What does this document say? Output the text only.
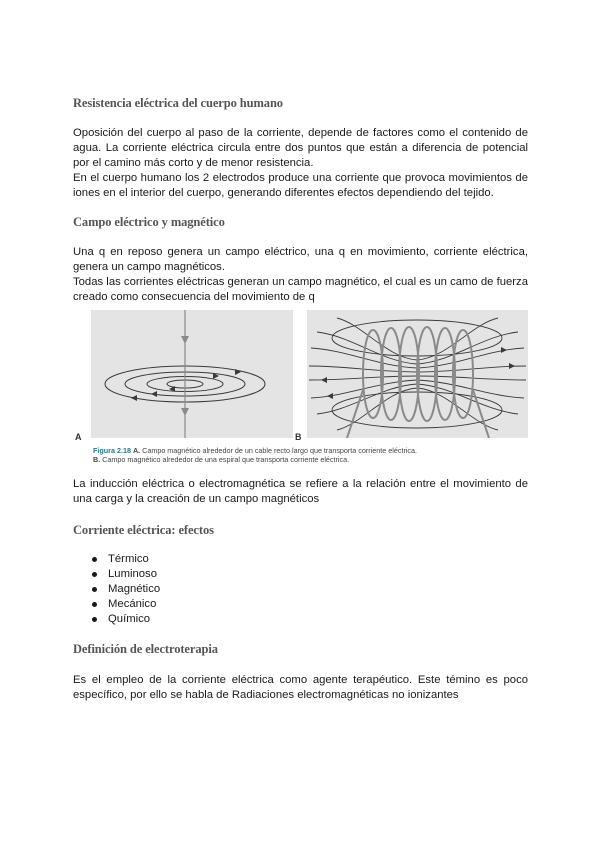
Resistencia eléctrica del cuerpo humano

Oposición del cuerpo al paso de la corriente, depende de factores como el contenido de agua. La corriente eléctrica circula entre dos puntos que están a diferencia de potencial por el camino más corto y de menor resistencia.

En el cuerpo humano los 2 electrodos produce una corriente que provoca movimientos de iones en el interior del cuerpo, generando diferentes efectos dependiendo del tejido.

Campo eléctrico y magnético

Una q en reposo genera un campo eléctrico, una q en movimiento, corriente eléctrica, genera un campo magnéticos.

Todas las corrientes eléctricas generan un campo magnético, el cual es un camo de fuerza creado como consecuencia del movimiento de q

A	B
Figura 2.18 A. Campo magnético alrededor de un cable recto largo que transporta corriente eléctrica.
B. Campo magnético alrededor de una espiral que transporta corriente eléctrica.

La inducción eléctrica o electromagnética se refiere a la relación entre el movimiento de una carga y la creación de un campo magnéticos

Corriente eléctrica: efectos
Térmico
Luminoso
Magnético
Mecánico
Químico
Definición de electroterapia

Es el empleo de la corriente eléctrica como agente terapéutico. Este témino es poco específico, por ello se habla de Radiaciones electromagnéticas no ionizantes
